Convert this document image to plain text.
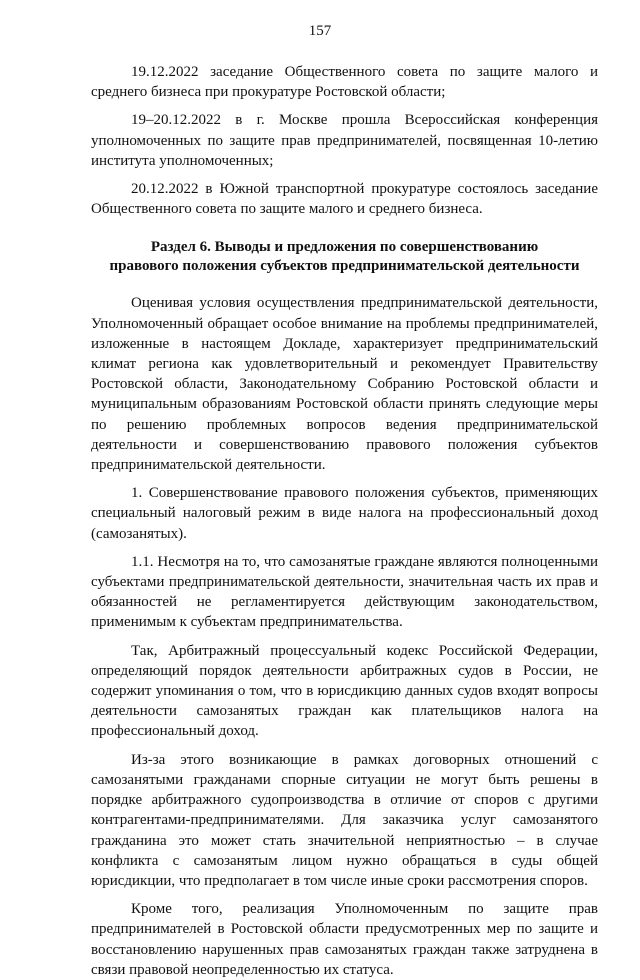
157

19.12.2022 заседание Общественного совета по защите малого и среднего бизнеса при прокуратуре Ростовской области;

19–20.12.2022 в г. Москве прошла Всероссийская конференция уполномоченных по защите прав предпринимателей, посвященная 10-летию института уполномоченных;

20.12.2022 в Южной транспортной прокуратуре состоялось заседание Общественного совета по защите малого и среднего бизнеса.

Раздел 6. Выводы и предложения по совершенствованию
правового положения субъектов предпринимательской деятельности

Оценивая условия осуществления предпринимательской деятельности, Уполномоченный обращает особое внимание на проблемы предпринимателей, изложенные в настоящем Докладе, характеризует предпринимательский климат региона как удовлетворительный и рекомендует Правительству Ростовской области, Законодательному Собранию Ростовской области и муниципальным образованиям Ростовской области принять следующие меры по решению проблемных вопросов ведения предпринимательской деятельности и совершенствованию правового положения субъектов предпринимательской деятельности.

1. Совершенствование правового положения субъектов, применяющих специальный налоговый режим в виде налога на профессиональный доход (самозанятых).

1.1. Несмотря на то, что самозанятые граждане являются полноценными субъектами предпринимательской деятельности, значительная часть их прав и обязанностей не регламентируется действующим законодательством, применимым к субъектам предпринимательства.

Так, Арбитражный процессуальный кодекс Российской Федерации, определяющий порядок деятельности арбитражных судов в России, не содержит упоминания о том, что в юрисдикцию данных судов входят вопросы деятельности самозанятых граждан как плательщиков налога на профессиональный доход.

Из-за этого возникающие в рамках договорных отношений с самозанятыми гражданами спорные ситуации не могут быть решены в порядке арбитражного судопроизводства в отличие от споров с другими контрагентами-предпринимателями. Для заказчика услуг самозанятого гражданина это может стать значительной неприятностью – в случае конфликта с самозанятым лицом нужно обращаться в суды общей юрисдикции, что предполагает в том числе иные сроки рассмотрения споров.

Кроме того, реализация Уполномоченным по защите прав предпринимателей в Ростовской области предусмотренных мер по защите и восстановлению нарушенных прав самозанятых граждан также затруднена в связи правовой неопределенностью их статуса.
